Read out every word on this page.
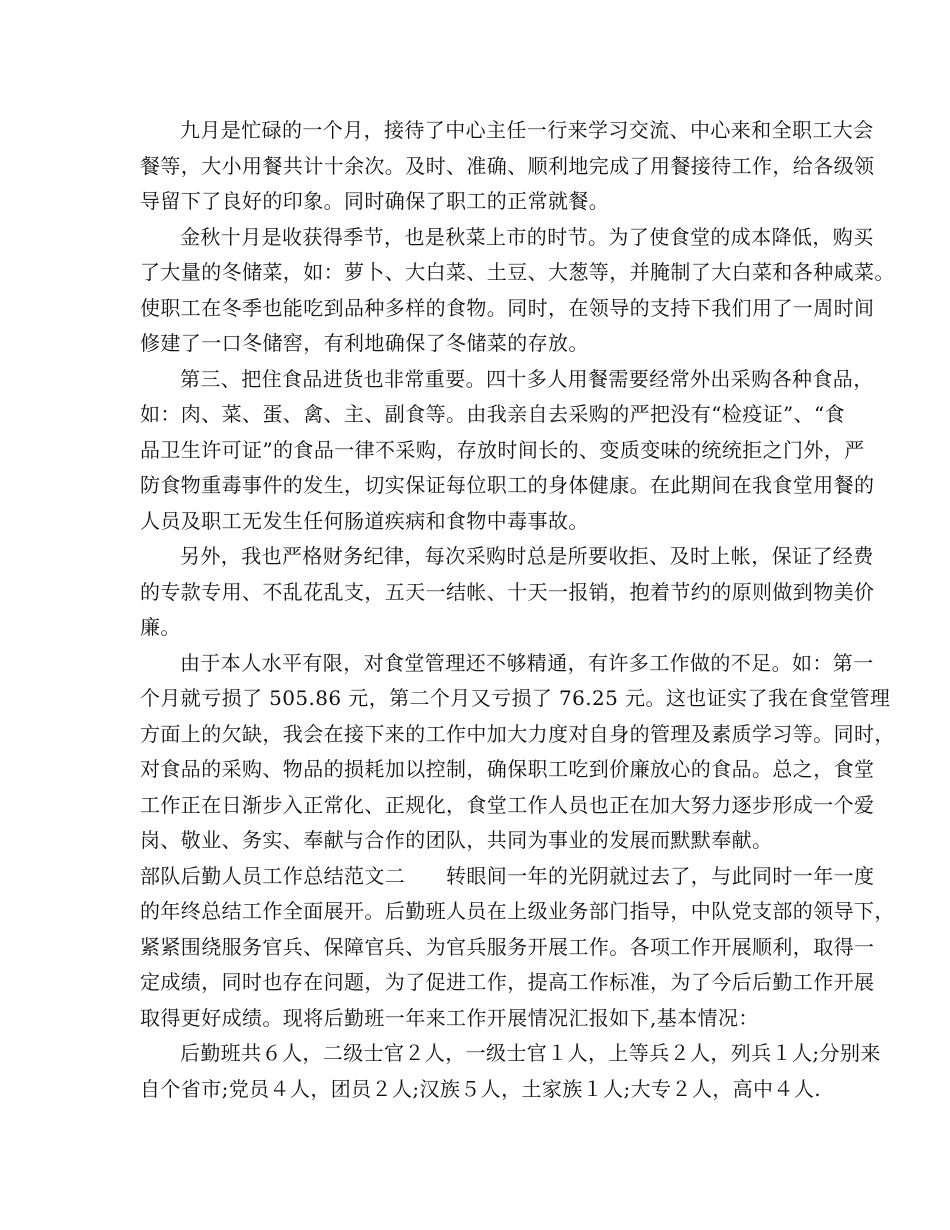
九月是忙碌的一个月，接待了中心主任一行来学习交流、中心来和全职工大会
餐等，大小用餐共计十余次。及时、准确、顺利地完成了用餐接待工作，给各级领
导留下了良好的印象。同时确保了职工的正常就餐。
金秋十月是收获得季节，也是秋菜上市的时节。为了使食堂的成本降低，购买
了大量的冬储菜，如：萝卜、大白菜、土豆、大葱等，并腌制了大白菜和各种咸菜。
使职工在冬季也能吃到品种多样的食物。同时，在领导的支持下我们用了一周时间
修建了一口冬储窖，有利地确保了冬储菜的存放。
第三、把住食品进货也非常重要。四十多人用餐需要经常外出采购各种食品，
如：肉、菜、蛋、禽、主、副食等。由我亲自去采购的严把没有“检疫证”、“食
品卫生许可证”的食品一律不采购，存放时间长的、变质变味的统统拒之门外，严
防食物重毒事件的发生，切实保证每位职工的身体健康。在此期间在我食堂用餐的
人员及职工无发生任何肠道疾病和食物中毒事故。
另外，我也严格财务纪律，每次采购时总是所要收拒、及时上帐，保证了经费
的专款专用、不乱花乱支，五天一结帐、十天一报销，抱着节约的原则做到物美价
廉。
由于本人水平有限，对食堂管理还不够精通，有许多工作做的不足。如：第一
个月就亏损了 505.86 元，第二个月又亏损了 76.25 元。这也证实了我在食堂管理
方面上的欠缺，我会在接下来的工作中加大力度对自身的管理及素质学习等。同时，
对食品的采购、物品的损耗加以控制，确保职工吃到价廉放心的食品。总之，食堂
工作正在日渐步入正常化、正规化，食堂工作人员也正在加大努力逐步形成一个爱
岗、敬业、务实、奉献与合作的团队，共同为事业的发展而默默奉献。
部队后勤人员工作总结范文二　　转眼间一年的光阴就过去了，与此同时一年一度
的年终总结工作全面展开。后勤班人员在上级业务部门指导，中队党支部的领导下，
紧紧围绕服务官兵、保障官兵、为官兵服务开展工作。各项工作开展顺利，取得一
定成绩，同时也存在问题，为了促进工作，提高工作标准，为了今后后勤工作开展
取得更好成绩。现将后勤班一年来工作开展情况汇报如下,基本情况：
后勤班共６人，二级士官２人，一级士官１人，上等兵２人，列兵１人;分别来
自个省市;党员４人，团员２人;汉族５人，土家族１人;大专２人，高中４人.
